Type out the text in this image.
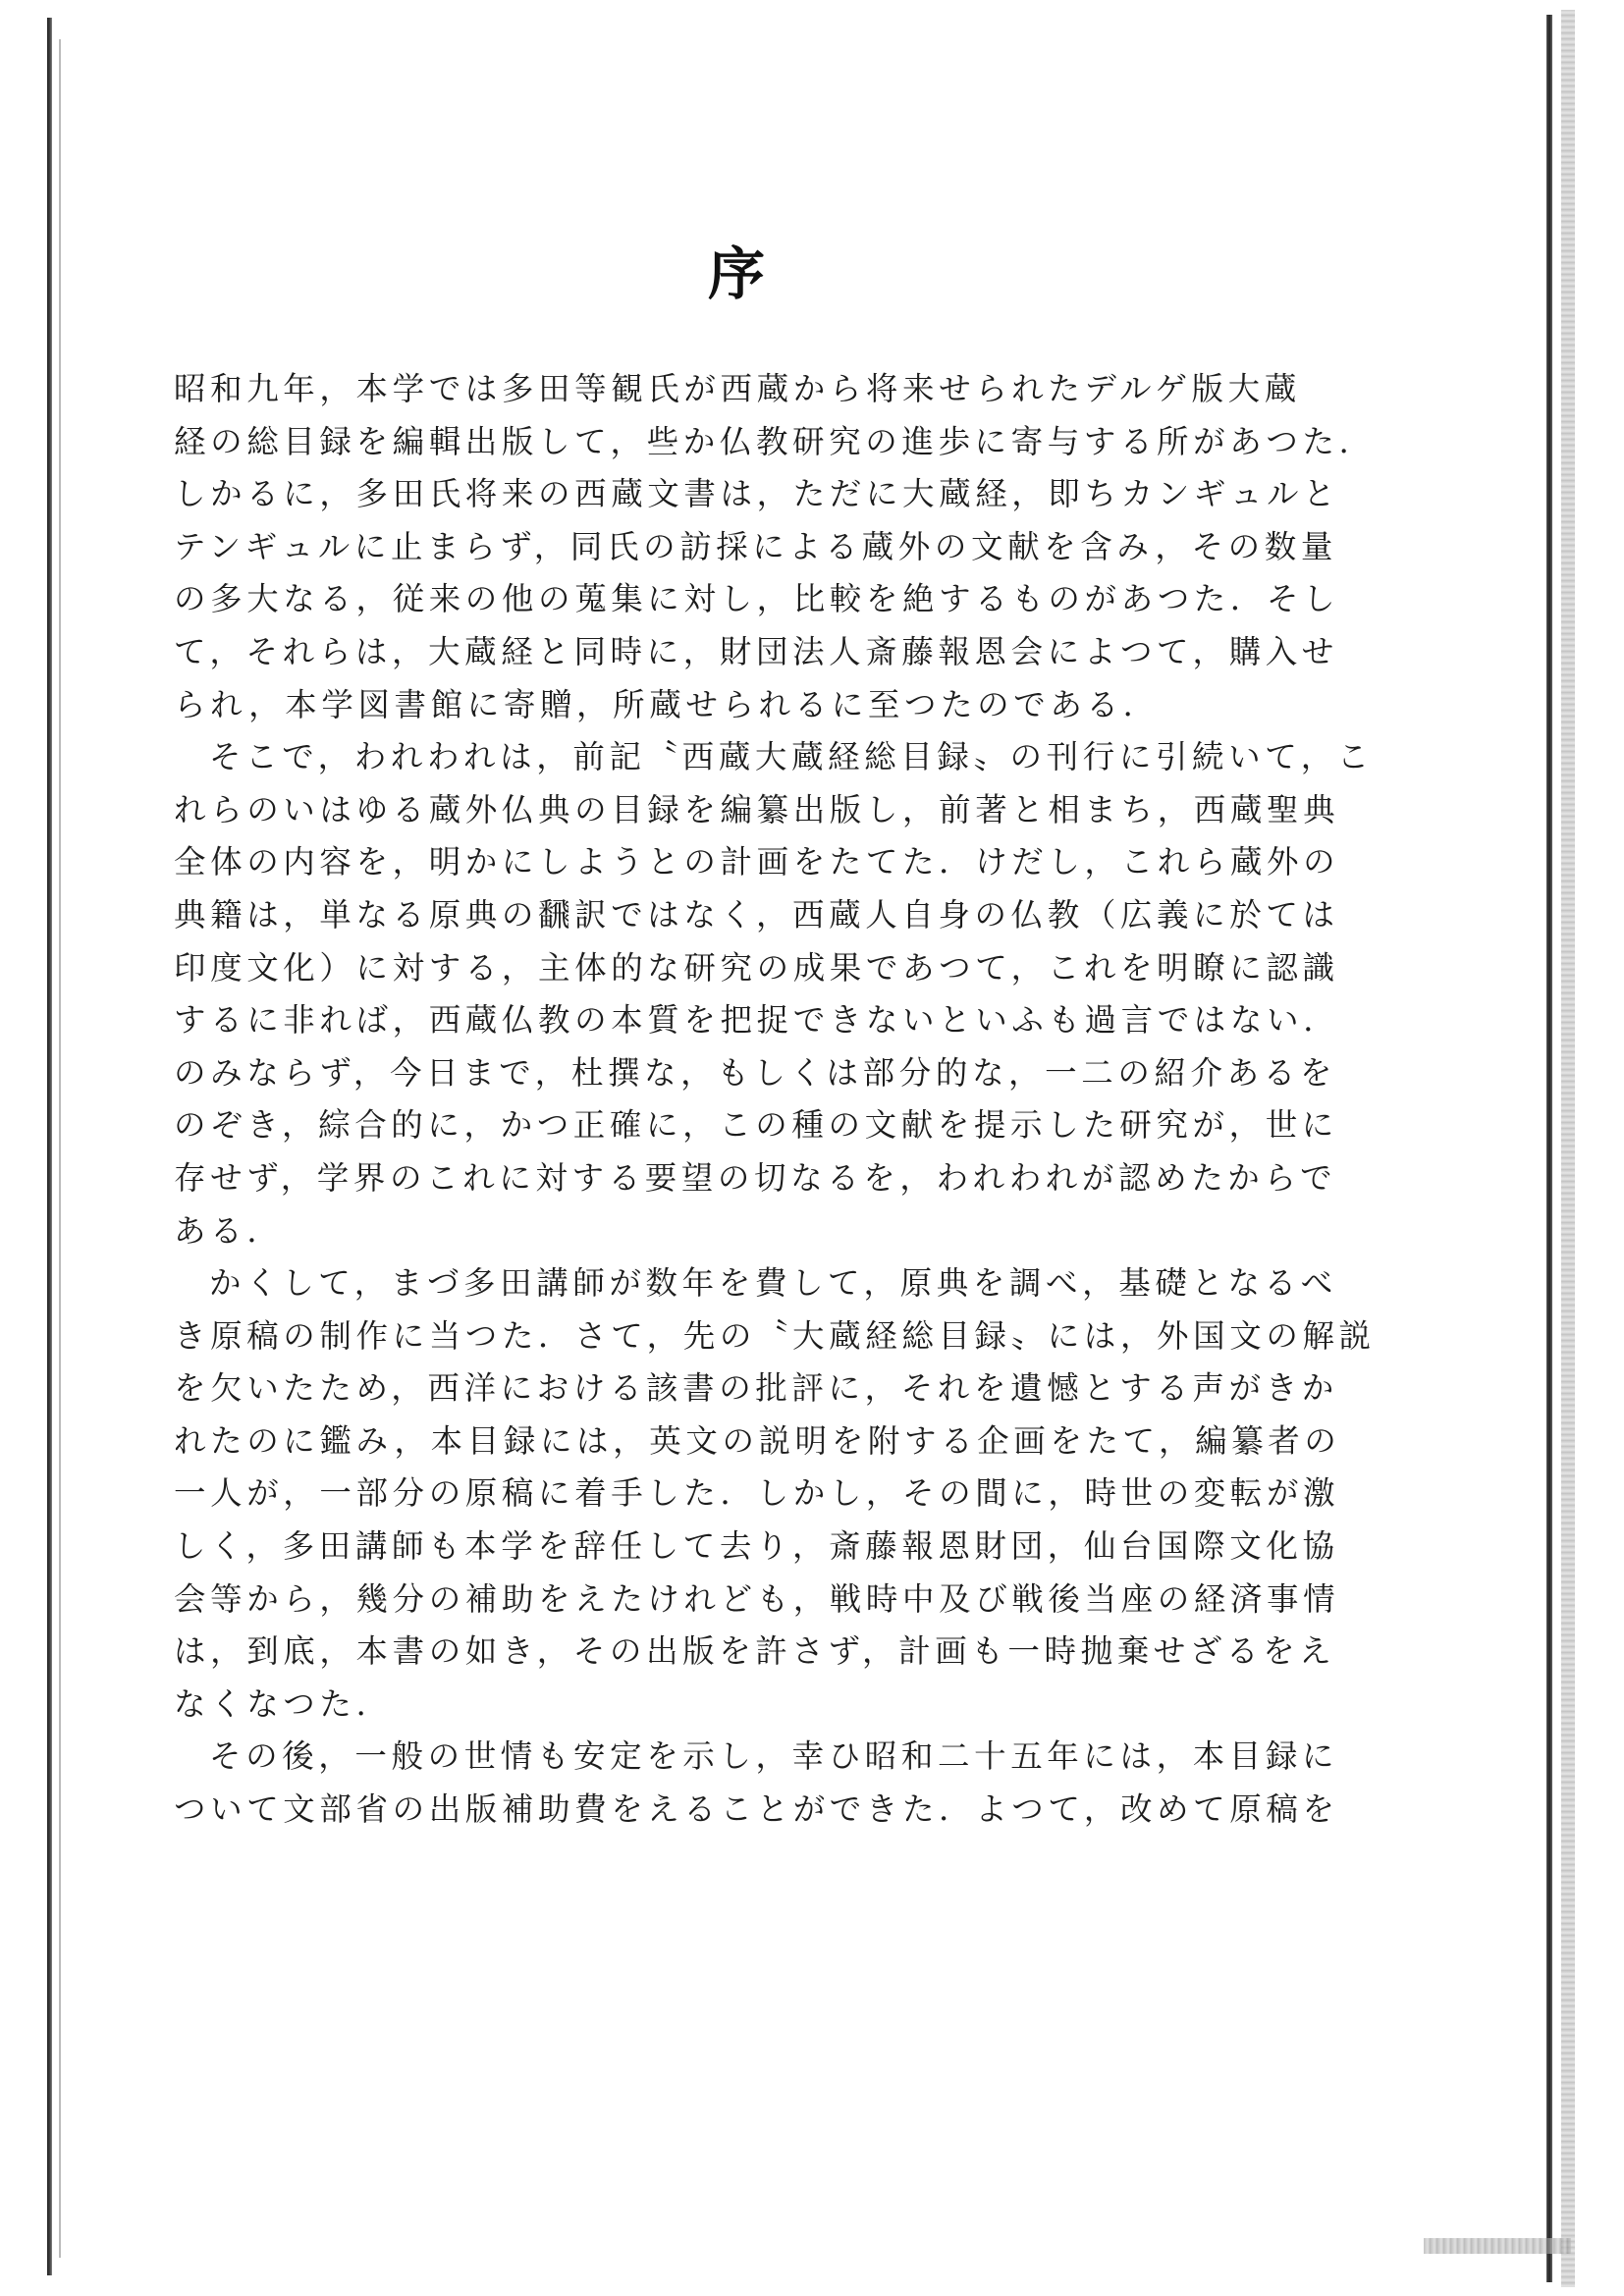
序
昭和九年，本学では多田等観氏が西蔵から将来せられたデルゲ版大蔵
経の総目録を編輯出版して，些か仏教研究の進歩に寄与する所があつた.
しかるに，多田氏将来の西蔵文書は，ただに大蔵経，即ちカンギュルと
テンギュルに止まらず，同氏の訪採による蔵外の文献を含み，その数量
の多大なる，従来の他の蒐集に対し，比較を絶するものがあつた．そし
て，それらは，大蔵経と同時に，財団法人斎藤報恩会によつて，購入せ
られ，本学図書館に寄贈，所蔵せられるに至つたのである.
そこで，われわれは，前記〝西蔵大蔵経総目録〟の刊行に引続いて，こ
れらのいはゆる蔵外仏典の目録を編纂出版し，前著と相まち，西蔵聖典
全体の内容を，明かにしようとの計画をたてた．けだし，これら蔵外の
典籍は，単なる原典の飜訳ではなく，西蔵人自身の仏教（広義に於ては
印度文化）に対する，主体的な研究の成果であつて，これを明瞭に認識
するに非れば，西蔵仏教の本質を把捉できないといふも過言ではない.
のみならず，今日まで，杜撰な，もしくは部分的な，一二の紹介あるを
のぞき，綜合的に，かつ正確に，この種の文献を提示した研究が，世に
存せず，学界のこれに対する要望の切なるを，われわれが認めたからで
ある.
かくして，まづ多田講師が数年を費して，原典を調べ，基礎となるべ
き原稿の制作に当つた．さて，先の〝大蔵経総目録〟には，外国文の解説
を欠いたため，西洋における該書の批評に，それを遺憾とする声がきか
れたのに鑑み，本目録には，英文の説明を附する企画をたて，編纂者の
一人が，一部分の原稿に着手した．しかし，その間に，時世の変転が激
しく，多田講師も本学を辞任して去り，斎藤報恩財団，仙台国際文化協
会等から，幾分の補助をえたけれども，戦時中及び戦後当座の経済事情
は，到底，本書の如き，その出版を許さず，計画も一時抛棄せざるをえ
なくなつた.
その後，一般の世情も安定を示し，幸ひ昭和二十五年には，本目録に
ついて文部省の出版補助費をえることができた．よつて，改めて原稿を
